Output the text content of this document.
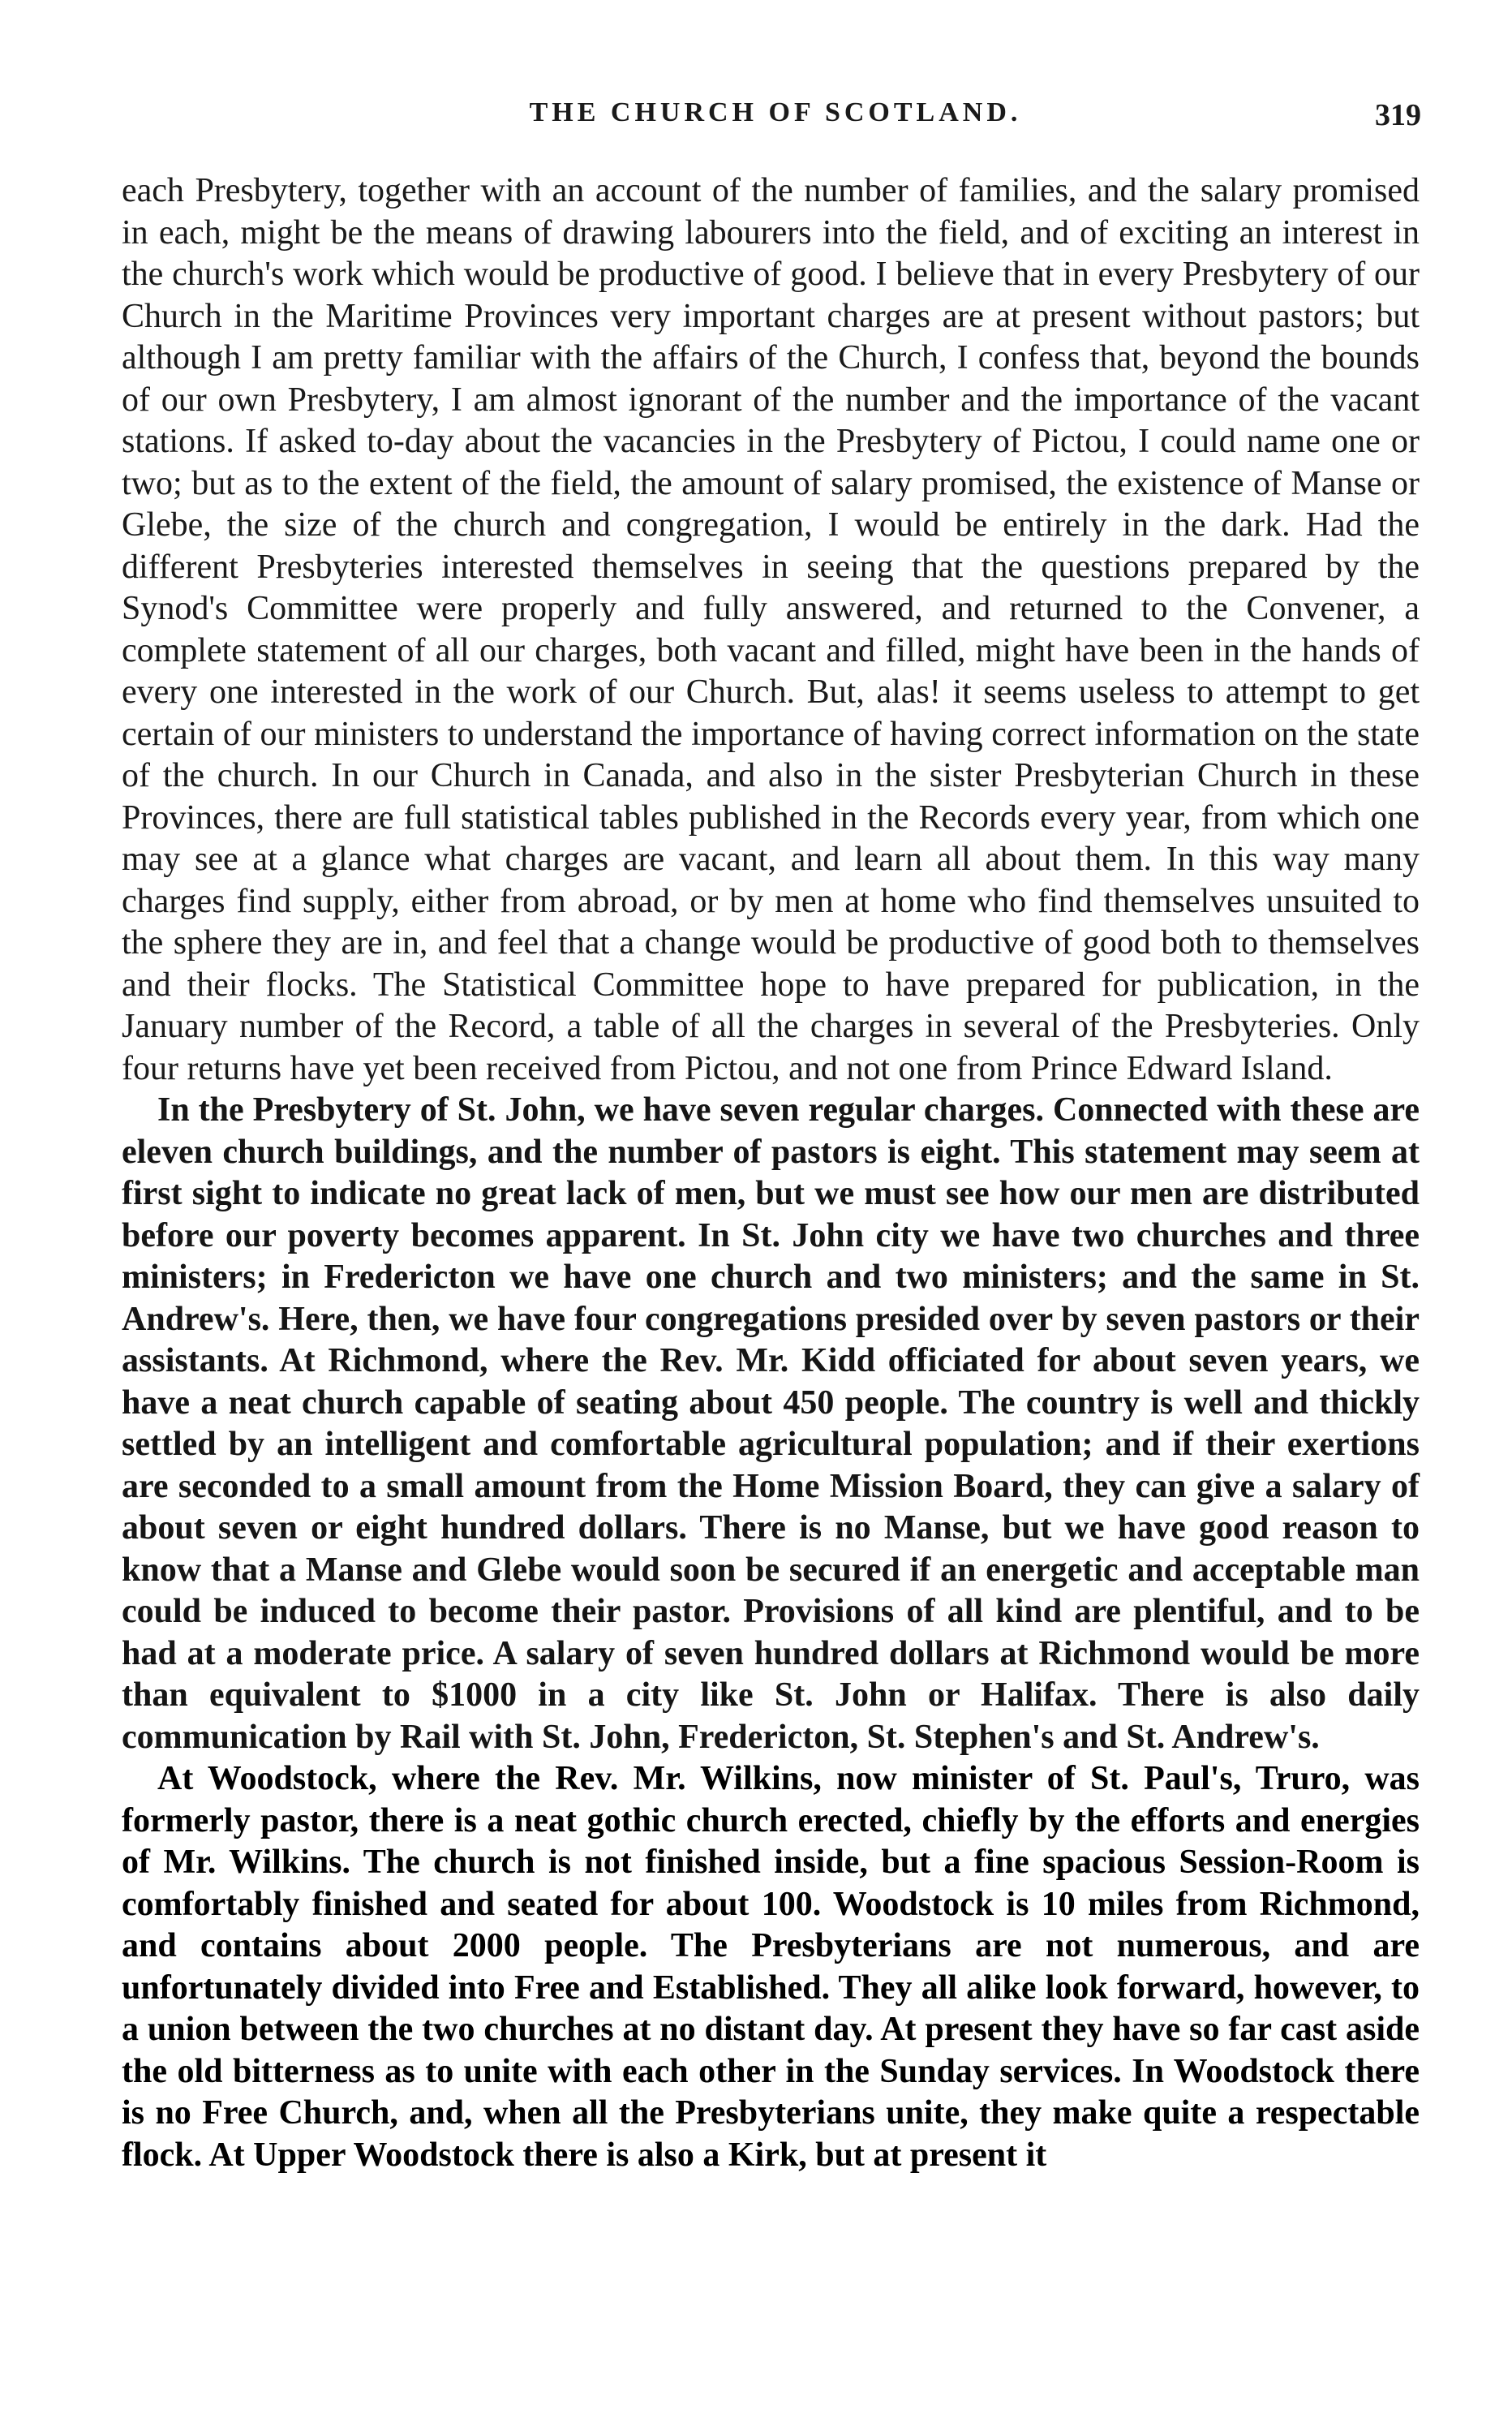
THE CHURCH OF SCOTLAND.	319

each Presbytery, together with an account of the number of families, and the salary promised in each, might be the means of drawing labourers into the field, and of exciting an interest in the church's work which would be productive of good. I believe that in every Presbytery of our Church in the Maritime Provinces very important charges are at present without pastors; but although I am pretty familiar with the affairs of the Church, I confess that, beyond the bounds of our own Presbytery, I am almost ignorant of the number and the importance of the vacant stations. If asked to-day about the vacancies in the Presbytery of Pictou, I could name one or two; but as to the extent of the field, the amount of salary promised, the existence of Manse or Glebe, the size of the church and congregation, I would be entirely in the dark. Had the different Presbyteries interested themselves in seeing that the questions prepared by the Synod's Committee were properly and fully answered, and returned to the Convener, a complete statement of all our charges, both vacant and filled, might have been in the hands of every one interested in the work of our Church. But, alas! it seems useless to attempt to get certain of our ministers to understand the importance of having correct information on the state of the church. In our Church in Canada, and also in the sister Presbyterian Church in these Provinces, there are full statistical tables published in the Records every year, from which one may see at a glance what charges are vacant, and learn all about them. In this way many charges find supply, either from abroad, or by men at home who find themselves unsuited to the sphere they are in, and feel that a change would be productive of good both to themselves and their flocks. The Statistical Committee hope to have prepared for publication, in the January number of the Record, a table of all the charges in several of the Presbyteries. Only four returns have yet been received from Pictou, and not one from Prince Edward Island.

In the Presbytery of St. John, we have seven regular charges. Connected with these are eleven church buildings, and the number of pastors is eight. This statement may seem at first sight to indicate no great lack of men, but we must see how our men are distributed before our poverty becomes apparent. In St. John city we have two churches and three ministers; in Fredericton we have one church and two ministers; and the same in St. Andrew's. Here, then, we have four congregations presided over by seven pastors or their assistants. At Richmond, where the Rev. Mr. Kidd officiated for about seven years, we have a neat church capable of seating about 450 people. The country is well and thickly settled by an intelligent and comfortable agricultural population; and if their exertions are seconded to a small amount from the Home Mission Board, they can give a salary of about seven or eight hundred dollars. There is no Manse, but we have good reason to know that a Manse and Glebe would soon be secured if an energetic and acceptable man could be induced to become their pastor. Provisions of all kind are plentiful, and to be had at a moderate price. A salary of seven hundred dollars at Richmond would be more than equivalent to $1000 in a city like St. John or Halifax. There is also daily communication by Rail with St. John, Fredericton, St. Stephen's and St. Andrew's.

At Woodstock, where the Rev. Mr. Wilkins, now minister of St. Paul's, Truro, was formerly pastor, there is a neat gothic church erected, chiefly by the efforts and energies of Mr. Wilkins. The church is not finished inside, but a fine spacious Session-Room is comfortably finished and seated for about 100. Woodstock is 10 miles from Richmond, and contains about 2000 people. The Presbyterians are not numerous, and are unfortunately divided into Free and Established. They all alike look forward, however, to a union between the two churches at no distant day. At present they have so far cast aside the old bitterness as to unite with each other in the Sunday services. In Woodstock there is no Free Church, and, when all the Presbyterians unite, they make quite a respectable flock. At Upper Woodstock there is also a Kirk, but at present it
